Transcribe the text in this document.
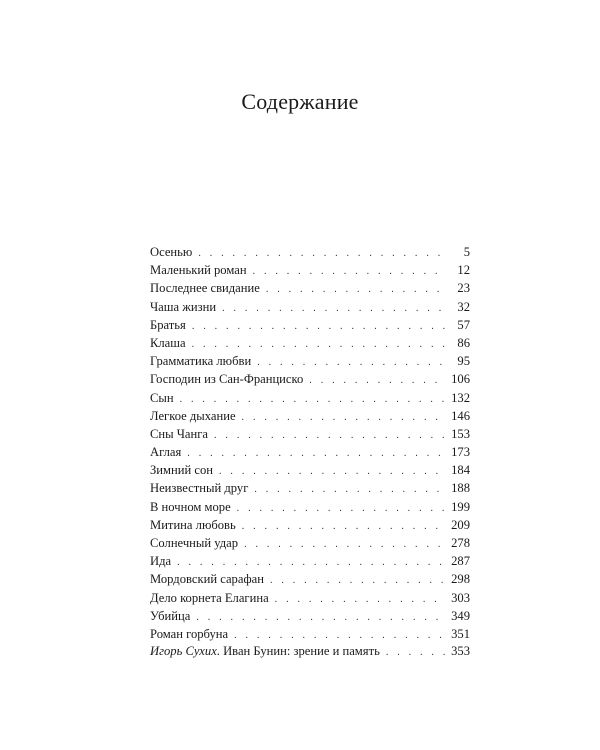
Содержание
Осенью . . .	5
Маленький роман . . .	12
Последнее свидание . . .	23
Чаша жизни . . .	32
Братья . . .	57
Клаша . . .	86
Грамматика любви . . .	95
Господин из Сан-Франциско . . .	106
Сын . . .	132
Легкое дыхание . . .	146
Сны Чанга . . .	153
Аглая . . .	173
Зимний сон . . .	184
Неизвестный друг . . .	188
В ночном море . . .	199
Митина любовь . . .	209
Солнечный удар . . .	278
Ида . . .	287
Мордовский сарафан . . .	298
Дело корнета Елагина . . .	303
Убийца . . .	349
Роман горбуна . . .	351
Игорь Сухих. Иван Бунин: зрение и память . . .	353
